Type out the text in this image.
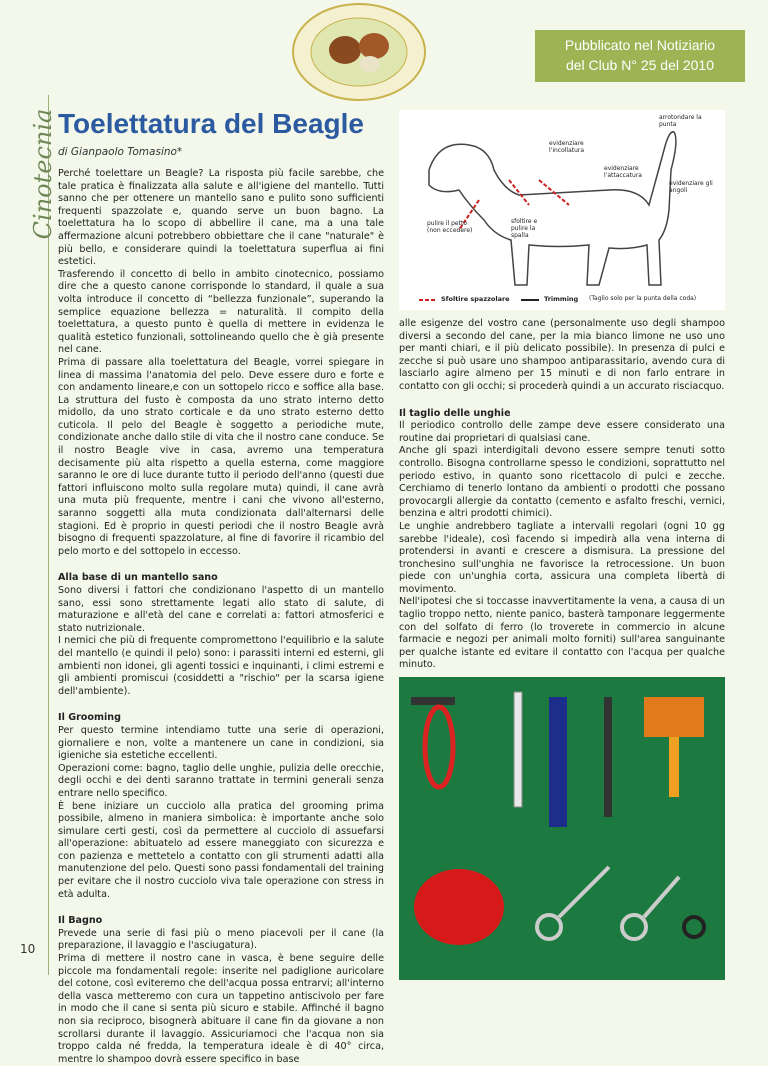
Cinotecnia
10
Pubblicato nel Notiziario
del Club N° 25 del 2010
Toelettatura del Beagle
di Gianpaolo Tomasino*

Perché toelettare un Beagle? La risposta più facile sarebbe, che tale pratica è finalizzata alla salute e all'igiene del mantello. Tutti sanno che per ottenere un mantello sano e pulito sono sufficienti frequenti spazzolate e, quando serve un buon bagno. La toelettatura ha lo scopo di abbellire il cane, ma a una tale affermazione alcuni potrebbero obbiettare che il cane "naturale" è più bello, e considerare quindi la toelettatura superflua ai fini estetici.

Trasferendo il concetto di bello in ambito cinotecnico, possiamo dire che a questo canone corrisponde lo standard, il quale a sua volta introduce il concetto di “bellezza funzionale”, superando la semplice equazione bellezza = naturalità. Il compito della toelettatura, a questo punto è quella di mettere in evidenza le qualità estetico funzionali, sottolineando quello che è già presente nel cane.

Prima di passare alla toelettatura del Beagle, vorrei spiegare in linea di massima l'anatomia del pelo. Deve essere duro e forte e con andamento lineare,e con un sottopelo ricco e soffice alla base. La struttura del fusto è composta da uno strato interno detto midollo, da uno strato corticale e da uno strato esterno detto cuticola. Il pelo del Beagle è soggetto a periodiche mute, condizionate anche dallo stile di vita che il nostro cane conduce. Se il nostro Beagle vive in casa, avremo una temperatura decisamente più alta rispetto a quella esterna, come maggiore saranno le ore di luce durante tutto il periodo dell'anno (questi due fattori influiscono molto sulla regolare muta) quindi, il cane avrà una muta più frequente, mentre i cani che vivono all'esterno, saranno soggetti alla muta condizionata dall'alternarsi delle stagioni. Ed è proprio in questi periodi che il nostro Beagle avrà bisogno di frequenti spazzolature, al fine di favorire il ricambio del pelo morto e del sottopelo in eccesso.

Alla base di un mantello sano

Sono diversi i fattori che condizionano l'aspetto di un mantello sano, essi sono strettamente legati allo stato di salute, di maturazione e all'età del cane e correlati a: fattori atmosferici e stato nutrizionale.

I nemici che più di frequente compromettono l'equilibrio e la salute del mantello (e quindi il pelo) sono: i parassiti interni ed esterni, gli ambienti non idonei, gli agenti tossici e inquinanti, i climi estremi e gli ambienti promiscui (cosiddetti a "rischio" per la scarsa igiene dell'ambiente).

Il Grooming

Per questo termine intendiamo tutte una serie di operazioni, giornaliere e non, volte a mantenere un cane in condizioni, sia igieniche sia estetiche eccellenti.

Operazioni come: bagno, taglio delle unghie, pulizia delle orecchie, degli occhi e dei denti saranno trattate in termini generali senza entrare nello specifico.

È bene iniziare un cucciolo alla pratica del grooming prima possibile, almeno in maniera simbolica: è importante anche solo simulare certi gesti, così da permettere al cucciolo di assuefarsi all'operazione: abituatelo ad essere maneggiato con sicurezza e con pazienza e mettetelo a contatto con gli strumenti adatti alla manutenzione del pelo. Questi sono passi fondamentali del training per evitare che il nostro cucciolo viva tale operazione con stress in età adulta.

Il Bagno

Prevede una serie di fasi più o meno piacevoli per il cane (la preparazione, il lavaggio e l'asciugatura).

Prima di mettere il nostro cane in vasca, è bene seguire delle piccole ma fondamentali regole: inserite nel padiglione auricolare del cotone, così eviteremo che dell'acqua possa entrarvi; all'interno della vasca metteremo con cura un tappetino antiscivolo per fare in modo che il cane si senta più sicuro e stabile. Affinché il bagno non sia reciproco, bisognerà abituare il cane fin da giovane a non scrollarsi durante il lavaggio. Assicuriamoci che l'acqua non sia troppo calda né fredda, la temperatura ideale è di 40° circa, mentre lo shampoo dovrà essere specifico in base

arrotondare la punta
evidenziare l'incollatura
evidenziare l'attaccatura
evidenziare gli angoli
pulire il petto (non eccedere)
sfoltire e pulire la spalla
Sfoltire spazzolare	Trimming (Taglio solo per la punta della coda)

alle esigenze del vostro cane (personalmente uso degli shampoo diversi a secondo del cane, per la mia bianco limone ne uso uno per manti chiari, e il più delicato possibile). In presenza di pulci e zecche si può usare uno shampoo antiparassitario, avendo cura di lasciarlo agire almeno per 15 minuti e di non farlo entrare in contatto con gli occhi; si procederà quindi a un accurato risciacquo.

Il taglio delle unghie

Il periodico controllo delle zampe deve essere considerato una routine dai proprietari di qualsiasi cane.

Anche gli spazi interdigitali devono essere sempre tenuti sotto controllo. Bisogna controllarne spesso le condizioni, soprattutto nel periodo estivo, in quanto sono ricettacolo di pulci e zecche. Cerchiamo di tenerlo lontano da ambienti o prodotti che possano provocargli allergie da contatto (cemento e asfalto freschi, vernici, benzina e altri prodotti chimici).

Le unghie andrebbero tagliate a intervalli regolari (ogni 10 gg sarebbe l'ideale), così facendo si impedirà alla vena interna di protendersi in avanti e crescere a dismisura. La pressione del tronchesino sull'unghia ne favorisce la retrocessione. Un buon piede con un'unghia corta, assicura una completa libertà di movimento.

Nell'ipotesi che si toccasse inavvertitamente la vena, a causa di un taglio troppo netto, niente panico, basterà tamponare leggermente con del solfato di ferro (lo troverete in commercio in alcune farmacie e negozi per animali molto forniti) sull'area sanguinante per qualche istante ed evitare il contatto con l'acqua per qualche minuto.
